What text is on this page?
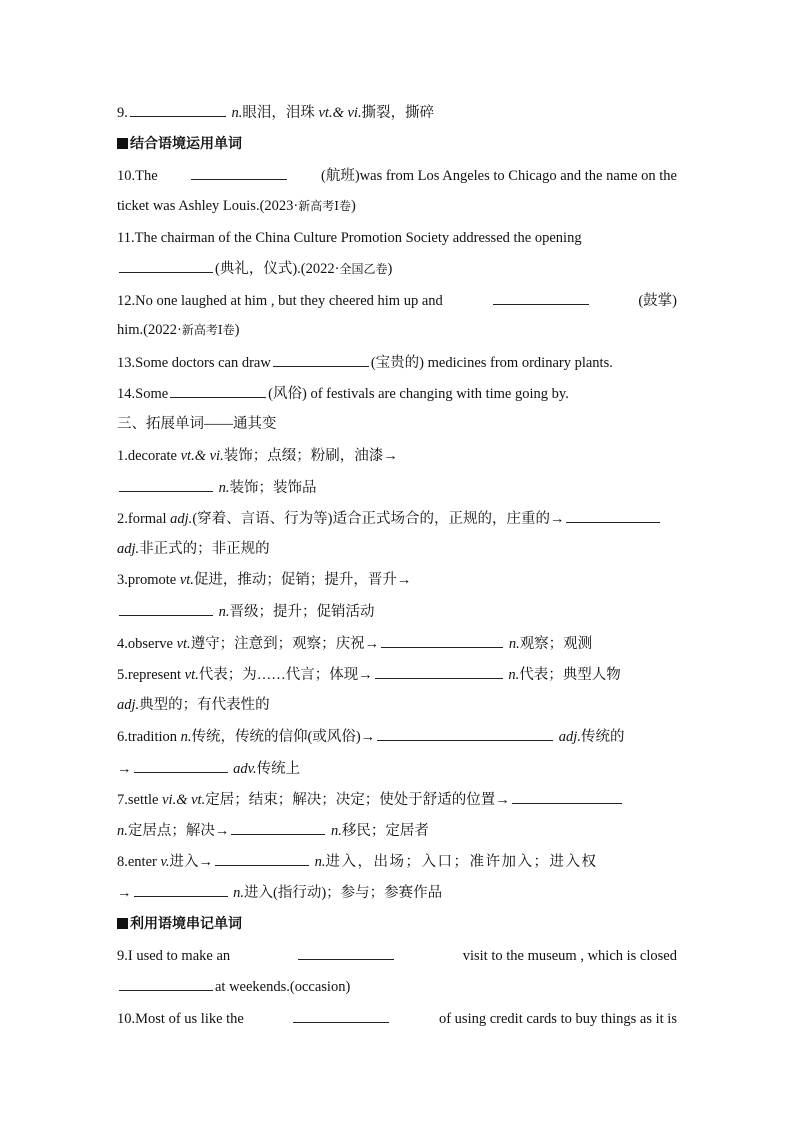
9.	n.眼泪，泪珠 vt.& vi.撕裂，撕碎
结合语境运用单词
10.The	(航班)was from Los Angeles to Chicago and the name on the
ticket was Ashley Louis.(2023·新高考Ⅰ卷)
11.The chairman of the China Culture Promotion Society addressed the opening
(典礼，仪式).(2022·全国乙卷)
12.No one laughed at him , but they cheered him up and	(鼓掌)
him.(2022·新高考Ⅰ卷)
13.Some doctors can draw	(宝贵的) medicines from ordinary plants.
14.Some	(风俗) of festivals are changing with time going by.
三、拓展单词——通其变
1.decorate vt.& vi.装饰；点缀；粉刷，油漆→
n.装饰；装饰品
2.formal adj.(穿着、言语、行为等)适合正式场合的，正规的，庄重的→
adj.非正式的；非正规的
3.promote vt.促进，推动；促销；提升，晋升→
n.晋级；提升；促销活动
4.observe vt.遵守；注意到；观察；庆祝→	n.观察；观测
5.represent vt.代表；为……代言；体现→	n.代表；典型人物
adj.典型的；有代表性的
6.tradition n.传统，传统的信仰(或风俗)→	adj.传统的
→	adv.传统上
7.settle vi.& vt.定居；结束；解决；决定；使处于舒适的位置→
n.定居点；解决→	n.移民；定居者
8.enter v.进入→	n.进入，出场；入口；准许加入；进入权
→	n.进入(指行动)；参与；参赛作品
利用语境串记单词
9.I used to make an	visit to the museum , which is closed
at weekends.(occasion)
10.Most of us like the	of using credit cards to buy things as it is
